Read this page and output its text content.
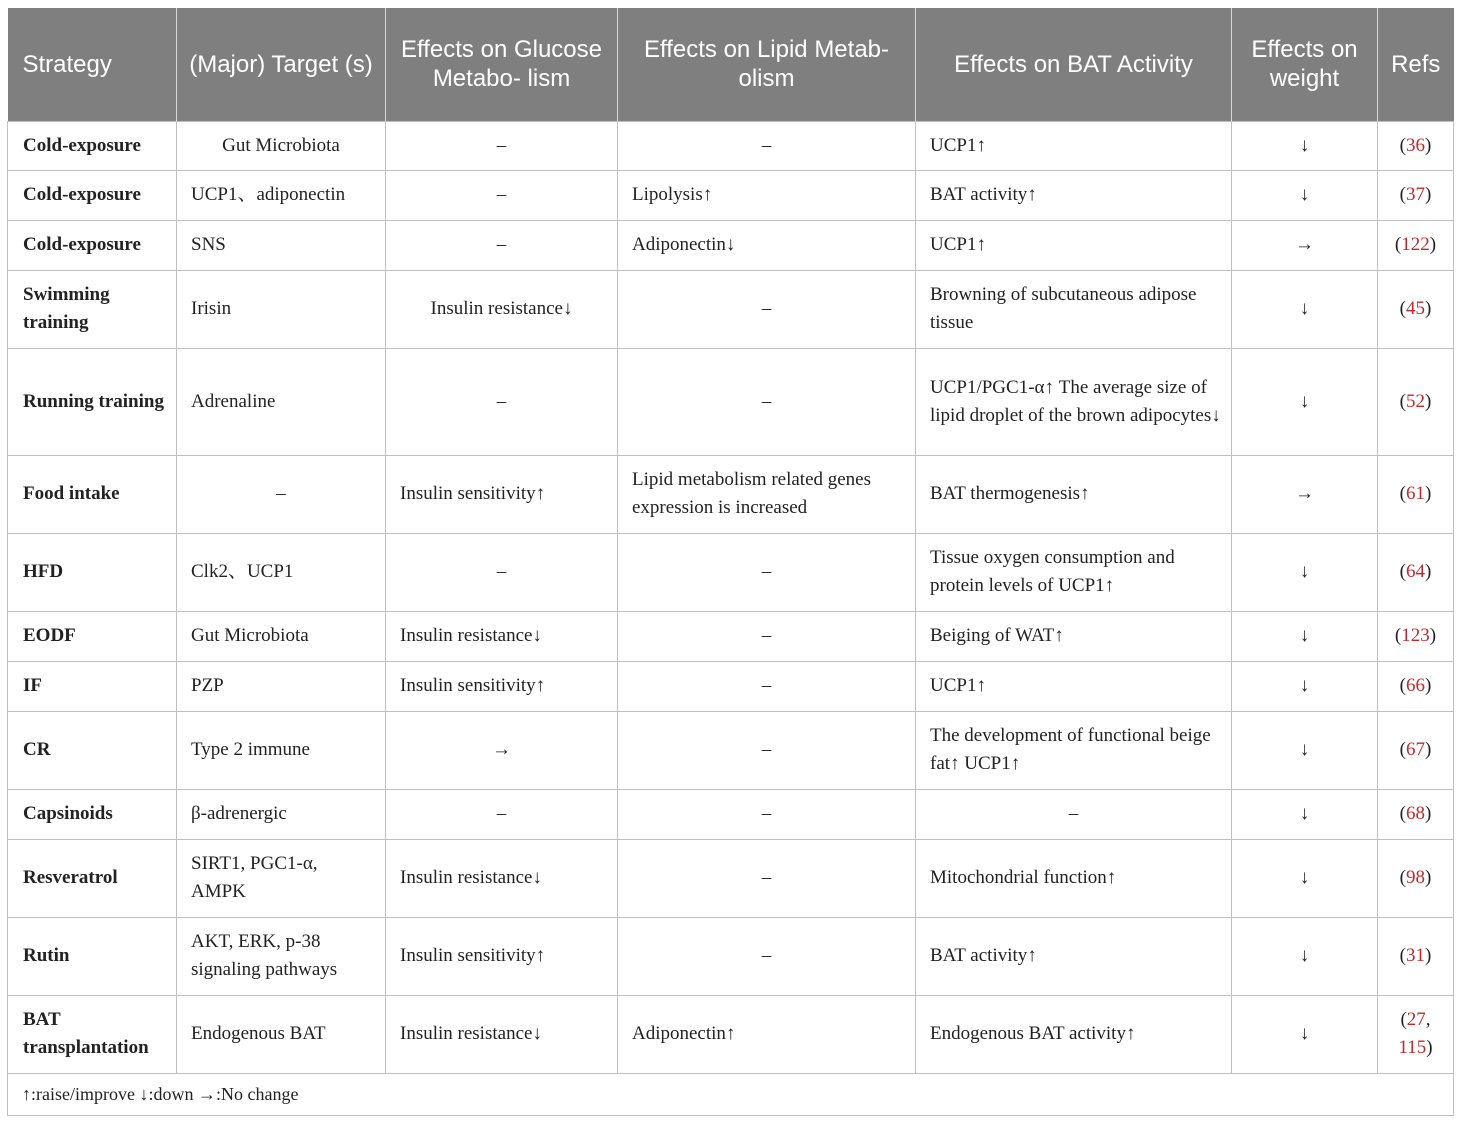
Strategy	(Major) Target (s)	Effects on Glucose Metabo- lism	Effects on Lipid Metab- olism	Effects on BAT Activity	Effects on weight	Refs
Cold-exposure	Gut Microbiota	–	–	UCP1↑	↓	(36)
Cold-exposure	UCP1、adiponectin	–	Lipolysis↑	BAT activity↑	↓	(37)
Cold-exposure	SNS	–	Adiponectin↓	UCP1↑	→	(122)
Swimming training	Irisin	Insulin resistance↓	–	Browning of subcutaneous adipose tissue	↓	(45)
Running training	Adrenaline	–	–	UCP1/PGC1-α↑ The average size of lipid droplet of the brown adipocytes↓	↓	(52)
Food intake	–	Insulin sensitivity↑	Lipid metabolism related genes expression is increased	BAT thermogenesis↑	→	(61)
HFD	Clk2、UCP1	–	–	Tissue oxygen consumption and protein levels of UCP1↑	↓	(64)
EODF	Gut Microbiota	Insulin resistance↓	–	Beiging of WAT↑	↓	(123)
IF	PZP	Insulin sensitivity↑	–	UCP1↑	↓	(66)
CR	Type 2 immune	→	–	The development of functional beige fat↑ UCP1↑	↓	(67)
Capsinoids	β-adrenergic	–	–	–	↓	(68)
Resveratrol	SIRT1, PGC1-α, AMPK	Insulin resistance↓	–	Mitochondrial function↑	↓	(98)
Rutin	AKT, ERK, p-38 signaling pathways	Insulin sensitivity↑	–	BAT activity↑	↓	(31)
BAT transplantation	Endogenous BAT	Insulin resistance↓	Adiponectin↑	Endogenous BAT activity↑	↓	(27,
115)
↑:raise/improve ↓:down →:No change						
